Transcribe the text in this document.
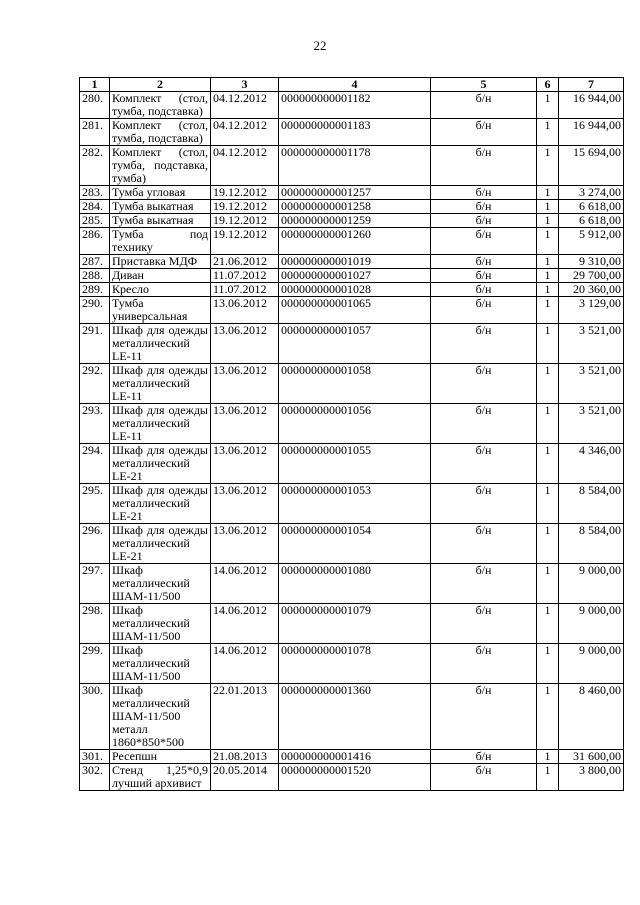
22
1	2	3	4	5	6	7
280.	Комплект (стол, тумба, подставка)	04.12.2012	000000000001182	б/н	1	16 944,00
281.	Комплект (стол, тумба, подставка)	04.12.2012	000000000001183	б/н	1	16 944,00
282.	Комплект (стол, тумба, подставка, тумба)	04.12.2012	000000000001178	б/н	1	15 694,00
283.	Тумба угловая	19.12.2012	000000000001257	б/н	1	3 274,00
284.	Тумба выкатная	19.12.2012	000000000001258	б/н	1	6 618,00
285.	Тумба выкатная	19.12.2012	000000000001259	б/н	1	6 618,00
286.	Тумба под технику	19.12.2012	000000000001260	б/н	1	5 912,00
287.	Приставка МДФ	21.06.2012	000000000001019	б/н	1	9 310,00
288.	Диван	11.07.2012	000000000001027	б/н	1	29 700,00
289.	Кресло	11.07.2012	000000000001028	б/н	1	20 360,00
290.	Тумба универсальная	13.06.2012	000000000001065	б/н	1	3 129,00
291.	Шкаф для одежды металлический LE-11	13.06.2012	000000000001057	б/н	1	3 521,00
292.	Шкаф для одежды металлический LE-11	13.06.2012	000000000001058	б/н	1	3 521,00
293.	Шкаф для одежды металлический LE-11	13.06.2012	000000000001056	б/н	1	3 521,00
294.	Шкаф для одежды металлический LE-21	13.06.2012	000000000001055	б/н	1	4 346,00
295.	Шкаф для одежды металлический LE-21	13.06.2012	000000000001053	б/н	1	8 584,00
296.	Шкаф для одежды металлический LE-21	13.06.2012	000000000001054	б/н	1	8 584,00
297.	Шкаф металлический ШАМ-11/500	14.06.2012	000000000001080	б/н	1	9 000,00
298.	Шкаф металлический ШАМ-11/500	14.06.2012	000000000001079	б/н	1	9 000,00
299.	Шкаф металлический ШАМ-11/500	14.06.2012	000000000001078	б/н	1	9 000,00
300.	Шкаф металлический ШАМ-11/500 металл 1860*850*500	22.01.2013	000000000001360	б/н	1	8 460,00
301.	Ресепшн	21.08.2013	000000000001416	б/н	1	31 600,00
302.	Стенд 1,25*0,9 лучший архивист	20.05.2014	000000000001520	б/н	1	3 800,00
